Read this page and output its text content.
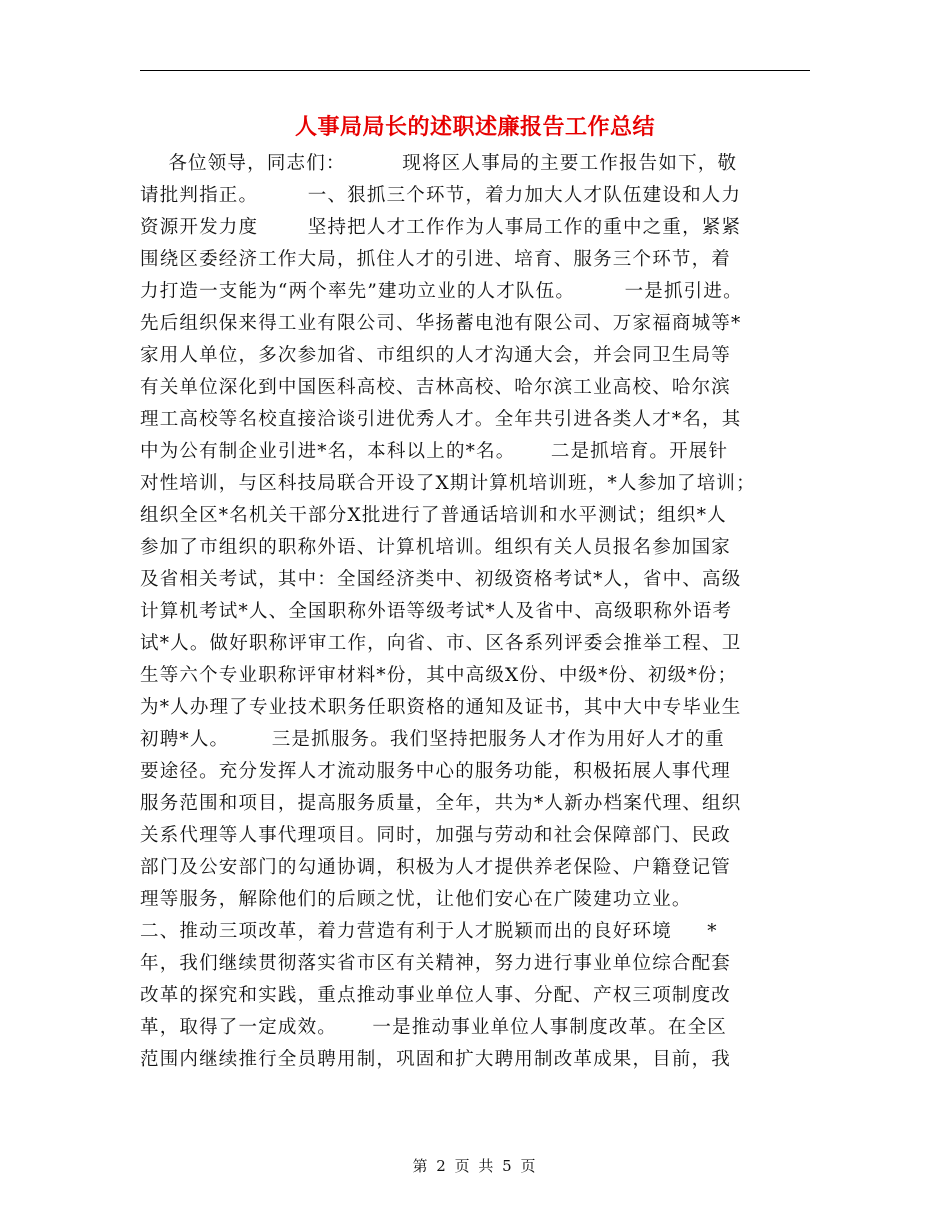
人事局局长的述职述廉报告工作总结
各位领导，同志们：        现将区人事局的主要工作报告如下，敬
请批判指正。       一、狠抓三个环节，着力加大人才队伍建设和人力
资源开发力度       坚持把人才工作作为人事局工作的重中之重，紧紧
围绕区委经济工作大局，抓住人才的引进、培育、服务三个环节，着
力打造一支能为“两个率先”建功立业的人才队伍。       一是抓引进。
先后组织保来得工业有限公司、华扬蓄电池有限公司、万家福商城等*
家用人单位，多次参加省、市组织的人才沟通大会，并会同卫生局等
有关单位深化到中国医科高校、吉林高校、哈尔滨工业高校、哈尔滨
理工高校等名校直接洽谈引进优秀人才。全年共引进各类人才*名，其
中为公有制企业引进*名，本科以上的*名。     二是抓培育。开展针
对性培训，与区科技局联合开设了X期计算机培训班，*人参加了培训；
组织全区*名机关干部分X批进行了普通话培训和水平测试；组织*人
参加了市组织的职称外语、计算机培训。组织有关人员报名参加国家
及省相关考试，其中：全国经济类中、初级资格考试*人，省中、高级
计算机考试*人、全国职称外语等级考试*人及省中、高级职称外语考
试*人。做好职称评审工作，向省、市、区各系列评委会推举工程、卫
生等六个专业职称评审材料*份，其中高级X份、中级*份、初级*份；
为*人办理了专业技术职务任职资格的通知及证书，其中大中专毕业生
初聘*人。      三是抓服务。我们坚持把服务人才作为用好人才的重
要途径。充分发挥人才流动服务中心的服务功能，积极拓展人事代理
服务范围和项目，提高服务质量，全年，共为*人新办档案代理、组织
关系代理等人事代理项目。同时，加强与劳动和社会保障部门、民政
部门及公安部门的勾通协调，积极为人才提供养老保险、户籍登记管
理等服务，解除他们的后顾之忧，让他们安心在广陵建功立业。
二、推动三项改革，着力营造有利于人才脱颖而出的良好环境     *
年，我们继续贯彻落实省市区有关精神，努力进行事业单位综合配套
改革的探究和实践，重点推动事业单位人事、分配、产权三项制度改
革，取得了一定成效。     一是推动事业单位人事制度改革。在全区
范围内继续推行全员聘用制，巩固和扩大聘用制改革成果，目前，我
第 2 页 共 5 页
